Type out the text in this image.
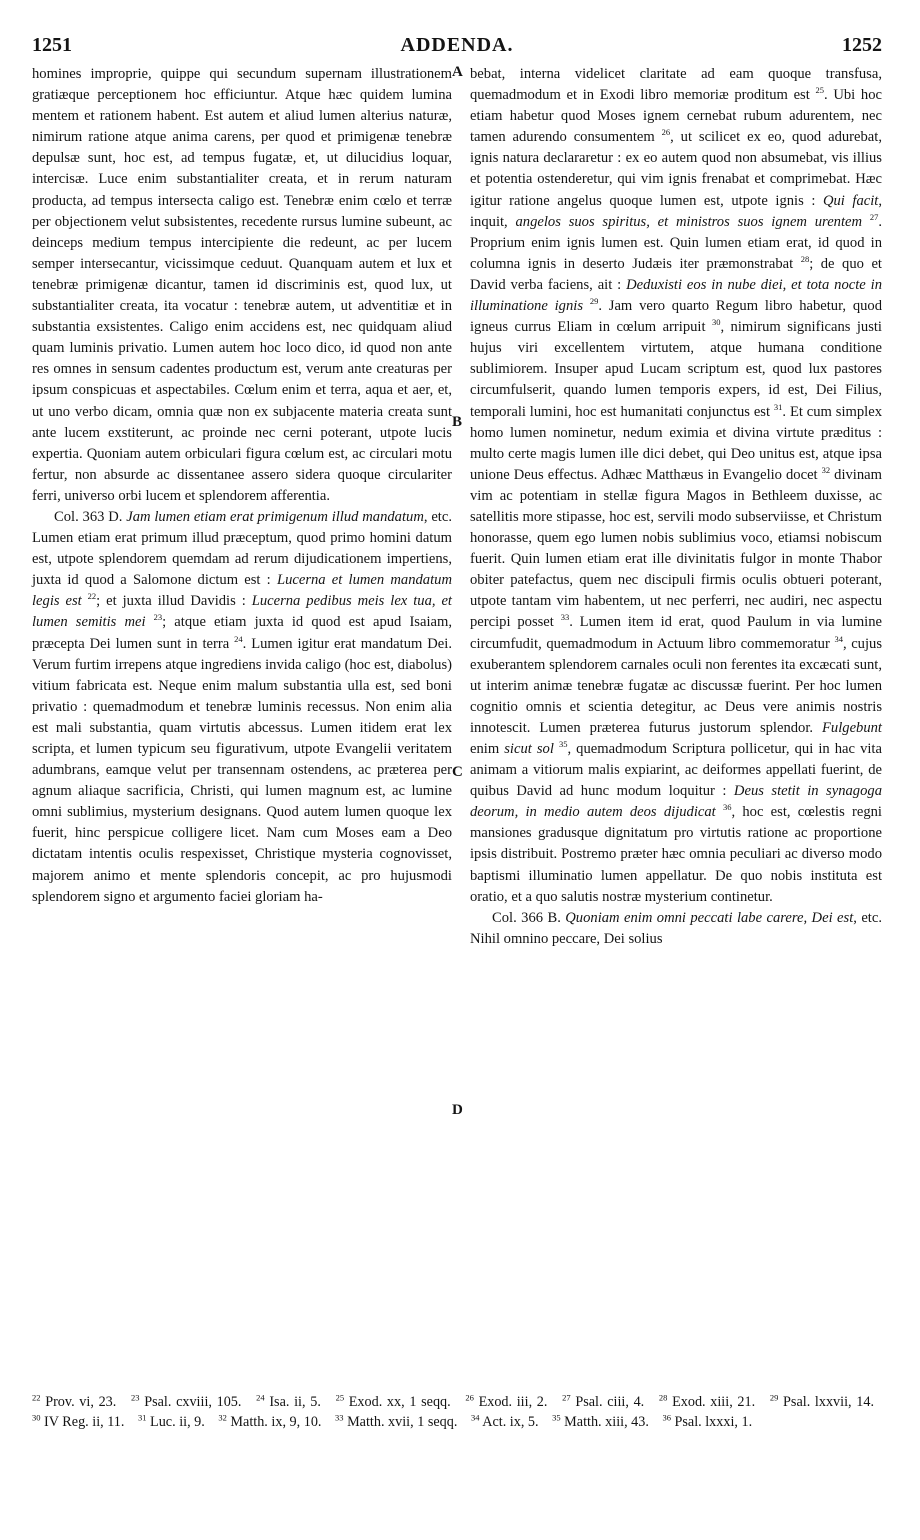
1251	ADDENDA.	1252
A
B
C
D

homines improprie, quippe qui secundum supernam illustrationem gratiæque perceptionem hoc efficiuntur. Atque hæc quidem lumina mentem et rationem habent. Est autem et aliud lumen alterius naturæ, nimirum ratione atque anima carens, per quod et primigenæ tenebræ depulsæ sunt, hoc est, ad tempus fugatæ, et, ut dilucidius loquar, intercisæ. Luce enim substantialiter creata, et in rerum naturam producta, ad tempus intersecta caligo est. Tenebræ enim cœlo et terræ per objectionem velut subsistentes, recedente rursus lumine subeunt, ac deinceps medium tempus intercipiente die redeunt, ac per lucem semper intersecantur, vicissimque ceduut. Quanquam autem et lux et tenebræ primigenæ dicantur, tamen id discriminis est, quod lux, ut substantialiter creata, ita vocatur : tenebræ autem, ut adventitiæ et in substantia exsistentes. Caligo enim accidens est, nec quidquam aliud quam luminis privatio. Lumen autem hoc loco dico, id quod non ante res omnes in sensum cadentes productum est, verum ante creaturas per ipsum conspicuas et aspectabiles. Cœlum enim et terra, aqua et aer, et, ut uno verbo dicam, omnia quæ non ex subjacente materia creata sunt ante lucem exstiterunt, ac proinde nec cerni poterant, utpote lucis expertia. Quoniam autem orbiculari figura cœlum est, ac circulari motu fertur, non absurde ac dissentanee assero sidera quoque circulariter ferri, universo orbi lucem et splendorem afferentia.

Col. 363 D. Jam lumen etiam erat primigenum illud mandatum, etc. Lumen etiam erat primum illud præceptum, quod primo homini datum est, utpote splendorem quemdam ad rerum dijudicationem impertiens, juxta id quod a Salomone dictum est : Lucerna et lumen mandatum legis est $^{22}$; et juxta illud Davidis : Lucerna pedibus meis lex tua, et lumen semitis mei $^{23}$; atque etiam juxta id quod est apud Isaiam, præcepta Dei lumen sunt in terra $^{24}$. Lumen igitur erat mandatum Dei. Verum furtim irrepens atque ingrediens invida caligo (hoc est, diabolus) vitium fabricata est. Neque enim malum substantia ulla est, sed boni privatio : quemadmodum et tenebræ luminis recessus. Non enim alia est mali substantia, quam virtutis abcessus. Lumen itidem erat lex scripta, et lumen typicum seu figurativum, utpote Evangelii veritatem adumbrans, eamque velut per transennam ostendens, ac præterea per agnum aliaque sacrificia, Christi, qui lumen magnum est, ac lumine omni sublimius, mysterium designans. Quod autem lumen quoque lex fuerit, hinc perspicue colligere licet. Nam cum Moses eam a Deo dictatam intentis oculis respexisset, Christique mysteria cognovisset, majorem animo et mente splendoris concepit, ac pro hujusmodi splendorem signo et argumento faciei gloriam ha-

bebat, interna videlicet claritate ad eam quoque transfusa, quemadmodum et in Exodi libro memoriæ proditum est $^{25}$. Ubi hoc etiam habetur quod Moses ignem cernebat rubum adurentem, nec tamen adurendo consumentem $^{26}$, ut scilicet ex eo, quod adurebat, ignis natura declararetur : ex eo autem quod non absumebat, vis illius et potentia ostenderetur, qui vim ignis frenabat et comprimebat. Hæc igitur ratione angelus quoque lumen est, utpote ignis : Qui facit, inquit, angelos suos spiritus, et ministros suos ignem urentem $^{27}$. Proprium enim ignis lumen est. Quin lumen etiam erat, id quod in columna ignis in deserto Judæis iter præmonstrabat $^{28}$; de quo et David verba faciens, ait : Deduxisti eos in nube diei, et tota nocte in illuminatione ignis $^{29}$. Jam vero quarto Regum libro habetur, quod igneus currus Eliam in cœlum arripuit $^{30}$, nimirum significans justi hujus viri excellentem virtutem, atque humana conditione sublimiorem. Insuper apud Lucam scriptum est, quod lux pastores circumfulserit, quando lumen temporis expers, id est, Dei Filius, temporali lumini, hoc est humanitati conjunctus est $^{31}$. Et cum simplex homo lumen nominetur, nedum eximia et divina virtute præditus : multo certe magis lumen ille dici debet, qui Deo unitus est, atque ipsa unione Deus effectus. Adhæc Matthæus in Evangelio docet $^{32}$ divinam vim ac potentiam in stellæ figura Magos in Bethleem duxisse, ac satellitis more stipasse, hoc est, servili modo subserviisse, et Christum honorasse, quem ego lumen nobis sublimius voco, etiamsi nobiscum fuerit. Quin lumen etiam erat ille divinitatis fulgor in monte Thabor obiter patefactus, quem nec discipuli firmis oculis obtueri poterant, utpote tantam vim habentem, ut nec perferri, nec audiri, nec aspectu percipi posset $^{33}$. Lumen item id erat, quod Paulum in via lumine circumfudit, quemadmodum in Actuum libro commemoratur $^{34}$, cujus exuberantem splendorem carnales oculi non ferentes ita excæcati sunt, ut interim animæ tenebræ fugatæ ac discussæ fuerint. Per hoc lumen cognitio omnis et scientia detegitur, ac Deus vere animis nostris innotescit. Lumen præterea futurus justorum splendor. Fulgebunt enim sicut sol $^{35}$, quemadmodum Scriptura pollicetur, qui in hac vita animam a vitiorum malis expiarint, ac deiformes appellati fuerint, de quibus David ad hunc modum loquitur : Deus stetit in synagoga deorum, in medio autem deos dijudicat $^{36}$, hoc est, cœlestis regni mansiones gradusque dignitatum pro virtutis ratione ac proportione ipsis distribuit. Postremo præter hæc omnia peculiari ac diverso modo baptismi illuminatio lumen appellatur. De quo nobis instituta est oratio, et a quo salutis nostræ mysterium continetur.

Col. 366 B. Quoniam enim omni peccati labe carere, Dei est, etc. Nihil omnino peccare, Dei solius

$^{22}$ Prov. vi, 23. $^{23}$ Psal. cxviii, 105. $^{24}$ Isa. ii, 5. $^{25}$ Exod. xx, 1 seqq. $^{26}$ Exod. iii, 2. $^{27}$ Psal. ciii, 4. $^{28}$ Exod. xiii, 21. $^{29}$ Psal. lxxvii, 14. $^{30}$ IV Reg. ii, 11. $^{31}$ Luc. ii, 9. $^{32}$ Matth. ix, 9, 10. $^{33}$ Matth. xvii, 1 seqq. $^{34}$ Act. ix, 5. $^{35}$ Matth. xiii, 43. $^{36}$ Psal. lxxxi, 1.
